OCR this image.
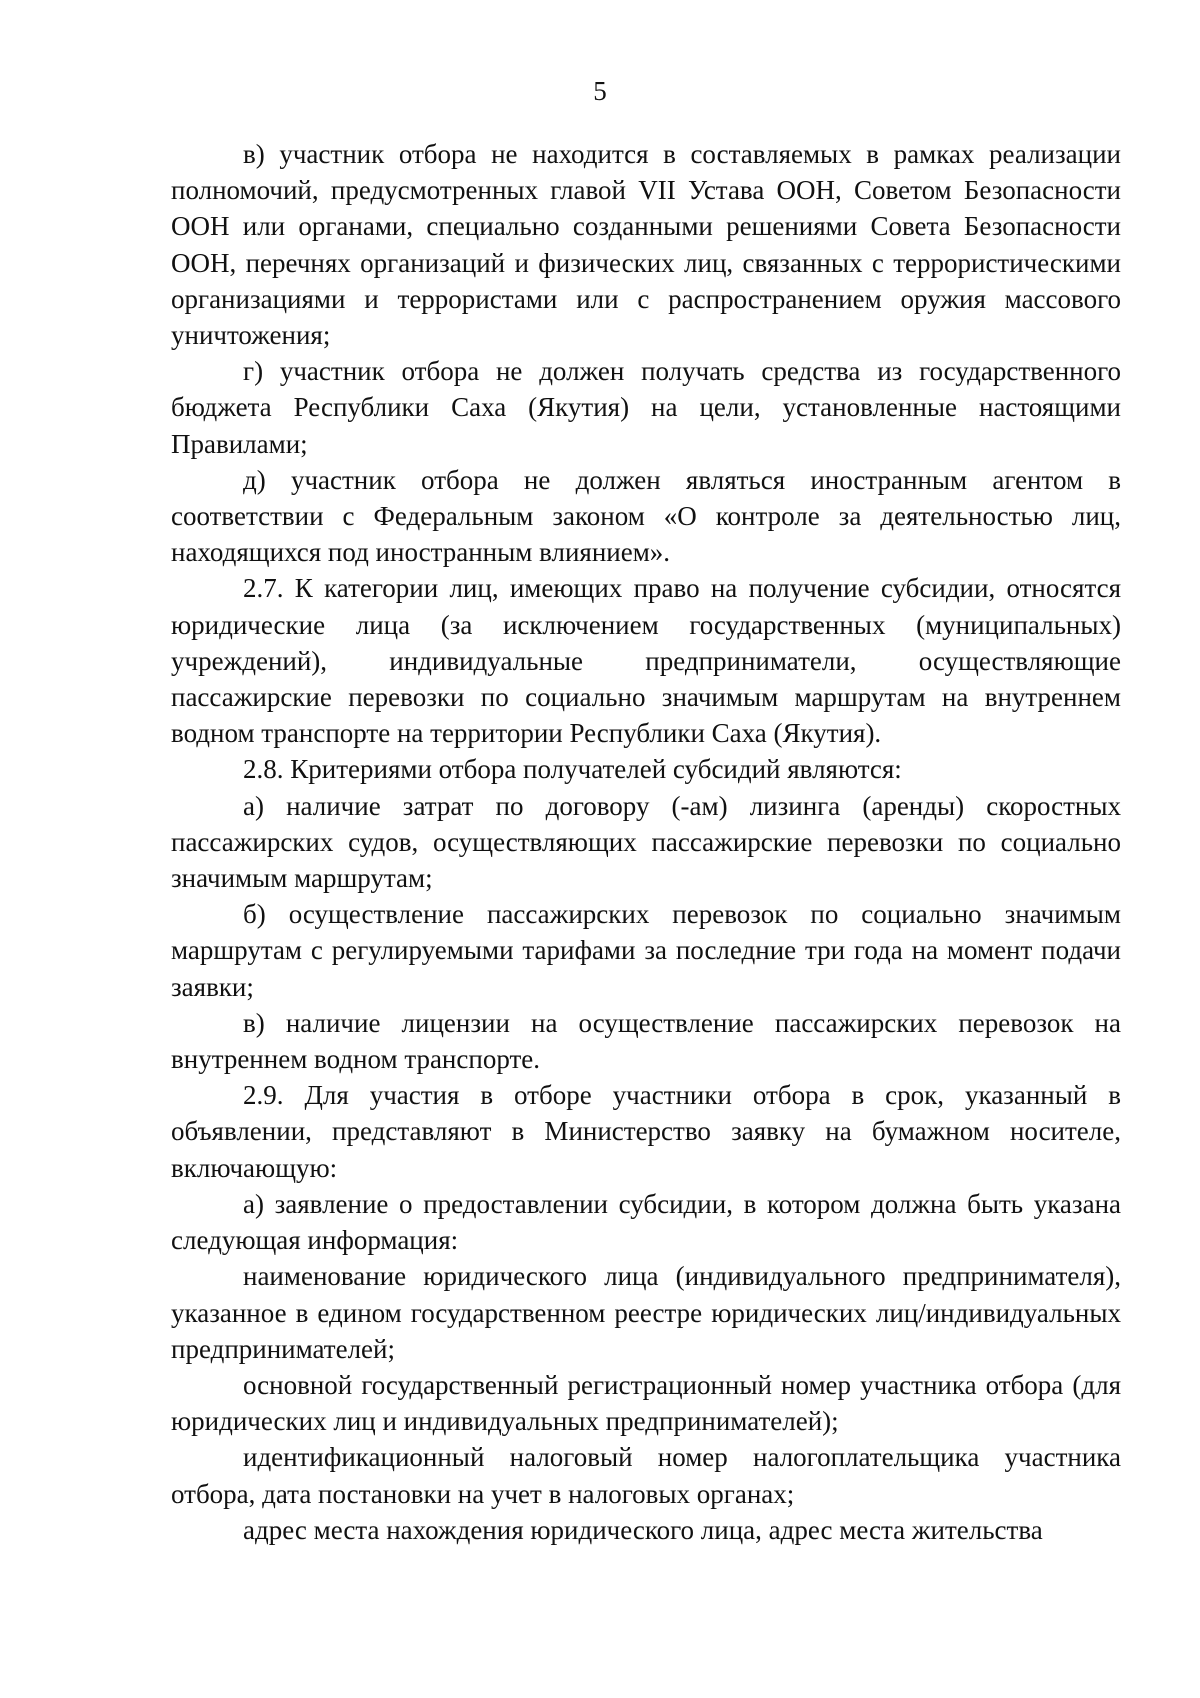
5

в) участник отбора не находится в составляемых в рамках реализации полномочий, предусмотренных главой VII Устава ООН, Советом Безопасности ООН или органами, специально созданными решениями Совета Безопасности ООН, перечнях организаций и физических лиц, связанных с террористическими организациями и террористами или с распространением оружия массового уничтожения;

г) участник отбора не должен получать средства из государственного бюджета Республики Саха (Якутия) на цели, установленные настоящими Правилами;

д) участник отбора не должен являться иностранным агентом в соответствии с Федеральным законом «О контроле за деятельностью лиц, находящихся под иностранным влиянием».

2.7. К категории лиц, имеющих право на получение субсидии, относятся юридические лица (за исключением государственных (муниципальных) учреждений), индивидуальные предприниматели, осуществляющие пассажирские перевозки по социально значимым маршрутам на внутреннем водном транспорте на территории Республики Саха (Якутия).

2.8. Критериями отбора получателей субсидий являются:

а) наличие затрат по договору (-ам) лизинга (аренды) скоростных пассажирских судов, осуществляющих пассажирские перевозки по социально значимым маршрутам;

б) осуществление пассажирских перевозок по социально значимым маршрутам с регулируемыми тарифами за последние три года на момент подачи заявки;

в) наличие лицензии на осуществление пассажирских перевозок на внутреннем водном транспорте.

2.9. Для участия в отборе участники отбора в срок, указанный в объявлении, представляют в Министерство заявку на бумажном носителе, включающую:

а) заявление о предоставлении субсидии, в котором должна быть указана следующая информация:

наименование юридического лица (индивидуального предпринимателя), указанное в едином государственном реестре юридических лиц/индивидуальных предпринимателей;

основной государственный регистрационный номер участника отбора (для юридических лиц и индивидуальных предпринимателей);

идентификационный налоговый номер налогоплательщика участника отбора, дата постановки на учет в налоговых органах;

адрес места нахождения юридического лица, адрес места жительства
